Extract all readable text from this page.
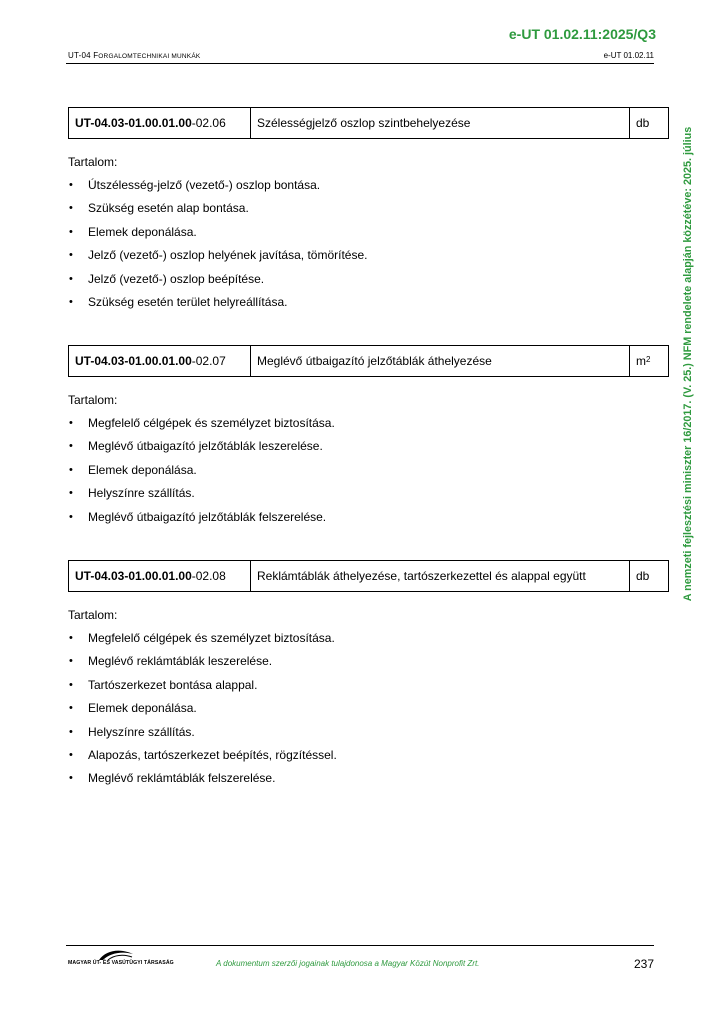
e-UT 01.02.11:2025/Q3
UT-04 FORGALOMTECHNIKAI MUNKÁK	e-UT 01.02.11
A nemzeti fejlesztési miniszter 16/2017. (V. 25.) NFM rendelete alapján közzétéve: 2025. július
UT-04.03-01.00.01.00 -02.06	Szélességjelző oszlop szintbehelyezése	db

Tartalom:

• Útszélesség-jelző (vezető-) oszlop bontása.
• Szükség esetén alap bontása.
• Elemek deponálása.
• Jelző (vezető-) oszlop helyének javítása, tömörítése.
• Jelző (vezető-) oszlop beépítése.
• Szükség esetén terület helyreállítása.
UT-04.03-01.00.01.00 -02.07	Meglévő útbaigazító jelzőtáblák áthelyezése	$m^2$

Tartalom:

• Megfelelő célgépek és személyzet biztosítása.
• Meglévő útbaigazító jelzőtáblák leszerelése.
• Elemek deponálása.
• Helyszínre szállítás.
• Meglévő útbaigazító jelzőtáblák felszerelése.
UT-04.03-01.00.01.00 -02.08	Reklámtáblák áthelyezése, tartószerkezettel és alappal együtt	db

Tartalom:

• Megfelelő célgépek és személyzet biztosítása.
• Meglévő reklámtáblák leszerelése.
• Tartószerkezet bontása alappal.
• Elemek deponálása.
• Helyszínre szállítás.
• Alapozás, tartószerkezet beépítés, rögzítéssel.
• Meglévő reklámtáblák felszerelése.
MAGYAR ÚT- ÉS VASÚTÜGYI TÁRSASÁG	A dokumentum szerzői jogainak tulajdonosa a Magyar Közút Nonprofit Zrt.	237
